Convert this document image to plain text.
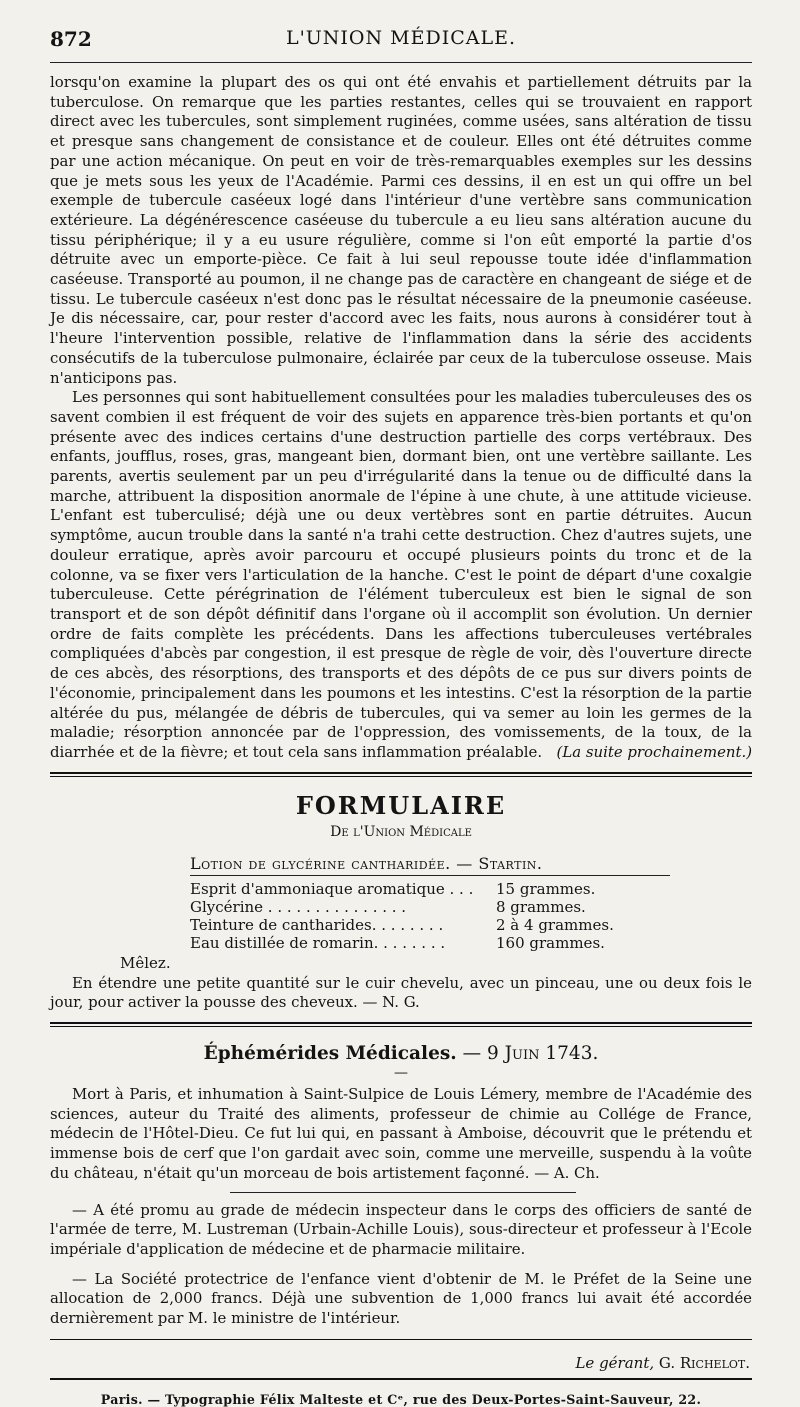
872	L'UNION MÉDICALE.

lorsqu'on examine la plupart des os qui ont été envahis et partiellement détruits par la tuberculose. On remarque que les parties restantes, celles qui se trouvaient en rapport direct avec les tubercules, sont simplement ruginées, comme usées, sans altération de tissu et presque sans changement de consistance et de couleur. Elles ont été détruites comme par une action mécanique. On peut en voir de très-remarquables exemples sur les dessins que je mets sous les yeux de l'Académie. Parmi ces dessins, il en est un qui offre un bel exemple de tubercule caséeux logé dans l'intérieur d'une vertèbre sans communication extérieure. La dégénérescence caséeuse du tubercule a eu lieu sans altération aucune du tissu périphérique; il y a eu usure régulière, comme si l'on eût emporté la partie d'os détruite avec un emporte-pièce. Ce fait à lui seul repousse toute idée d'inflammation caséeuse. Transporté au poumon, il ne change pas de caractère en changeant de siége et de tissu. Le tubercule caséeux n'est donc pas le résultat nécessaire de la pneumonie caséeuse. Je dis nécessaire, car, pour rester d'accord avec les faits, nous aurons à considérer tout à l'heure l'intervention possible, relative de l'inflammation dans la série des accidents consécutifs de la tuberculose pulmonaire, éclairée par ceux de la tuberculose osseuse. Mais n'anticipons pas.

Les personnes qui sont habituellement consultées pour les maladies tuberculeuses des os savent combien il est fréquent de voir des sujets en apparence très-bien portants et qu'on présente avec des indices certains d'une destruction partielle des corps vertébraux. Des enfants, joufflus, roses, gras, mangeant bien, dormant bien, ont une vertèbre saillante. Les parents, avertis seulement par un peu d'irrégularité dans la tenue ou de difficulté dans la marche, attribuent la disposition anormale de l'épine à une chute, à une attitude vicieuse. L'enfant est tuberculisé; déjà une ou deux vertèbres sont en partie détruites. Aucun symptôme, aucun trouble dans la santé n'a trahi cette destruction. Chez d'autres sujets, une douleur erratique, après avoir parcouru et occupé plusieurs points du tronc et de la colonne, va se fixer vers l'articulation de la hanche. C'est le point de départ d'une coxalgie tuberculeuse. Cette pérégrination de l'élément tuberculeux est bien le signal de son transport et de son dépôt définitif dans l'organe où il accomplit son évolution. Un dernier ordre de faits complète les précédents. Dans les affections tuberculeuses vertébrales compliquées d'abcès par congestion, il est presque de règle de voir, dès l'ouverture directe de ces abcès, des résorptions, des transports et des dépôts de ce pus sur divers points de l'économie, principalement dans les poumons et les intestins. C'est la résorption de la partie altérée du pus, mélangée de débris de tubercules, qui va semer au loin les germes de la maladie; résorption annoncée par de l'oppression, des vomissements, de la toux, de la diarrhée et de la fièvre; et tout cela sans inflammation préalable. (La suite prochainement.)
FORMULAIRE
De l'Union Médicale
Lotion de glycérine cantharidée. — Startin.
Esprit d'ammoniaque aromatique . . . 15 grammes.
Glycérine . . . . . . . . . . . . . . .	8 grammes.
Teinture de cantharides. . . . . . . .	2 à 4 grammes.
Eau distillée de romarin. . . . . . . .	160 grammes.
Mêlez.

En étendre une petite quantité sur le cuir chevelu, avec un pinceau, une ou deux fois le jour, pour activer la pousse des cheveux. — N. G.

Éphémérides Médicales. — 9 Juin 1743.
—

Mort à Paris, et inhumation à Saint-Sulpice de Louis Lémery, membre de l'Académie des sciences, auteur du Traité des aliments, professeur de chimie au Collége de France, médecin de l'Hôtel-Dieu. Ce fut lui qui, en passant à Amboise, découvrit que le prétendu et immense bois de cerf que l'on gardait avec soin, comme une merveille, suspendu à la voûte du château, n'était qu'un morceau de bois artistement façonné. — A. Ch.

— A été promu au grade de médecin inspecteur dans le corps des officiers de santé de l'armée de terre, M. Lustreman (Urbain-Achille Louis), sous-directeur et professeur à l'Ecole impériale d'application de médecine et de pharmacie militaire.

— La Société protectrice de l'enfance vient d'obtenir de M. le Préfet de la Seine une allocation de 2,000 francs. Déjà une subvention de 1,000 francs lui avait été accordée dernièrement par M. le ministre de l'intérieur.

Le gérant, G. Richelot.
Paris. — Typographie Félix Malteste et Cᵉ, rue des Deux-Portes-Saint-Sauveur, 22.
